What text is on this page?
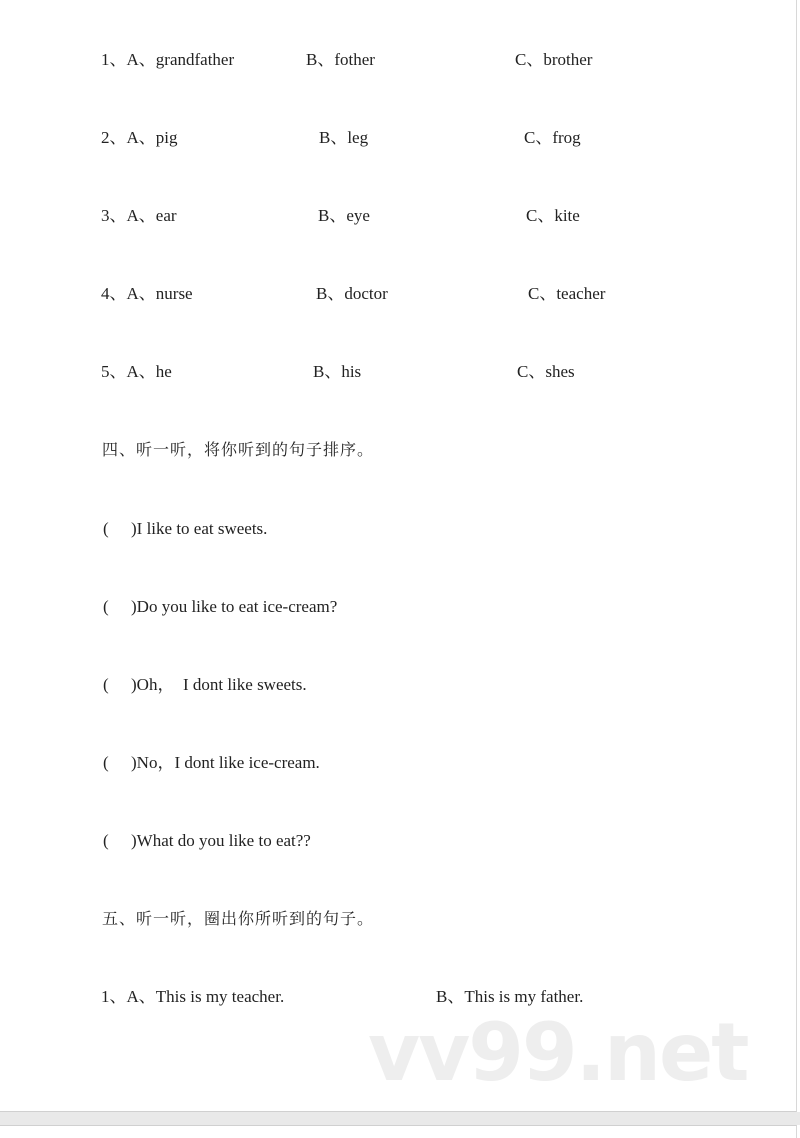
vv99.net
1、A、grandfather	B、fother	C、brother
2、A、pig	B、leg	C、frog
3、A、ear	B、eye	C、kite
4、A、nurse	B、doctor	C、teacher
5、A、he	B、his	C、shes
四、听一听，将你听到的句子排序。
( )I like to eat sweets.
( )Do you like to eat ice-cream?
( )Oh，  I dont like sweets.
( )No，I dont like ice-cream.
( )What do you like to eat??
五、听一听，圈出你所听到的句子。
1、A、This is my teacher.	B、This is my father.
